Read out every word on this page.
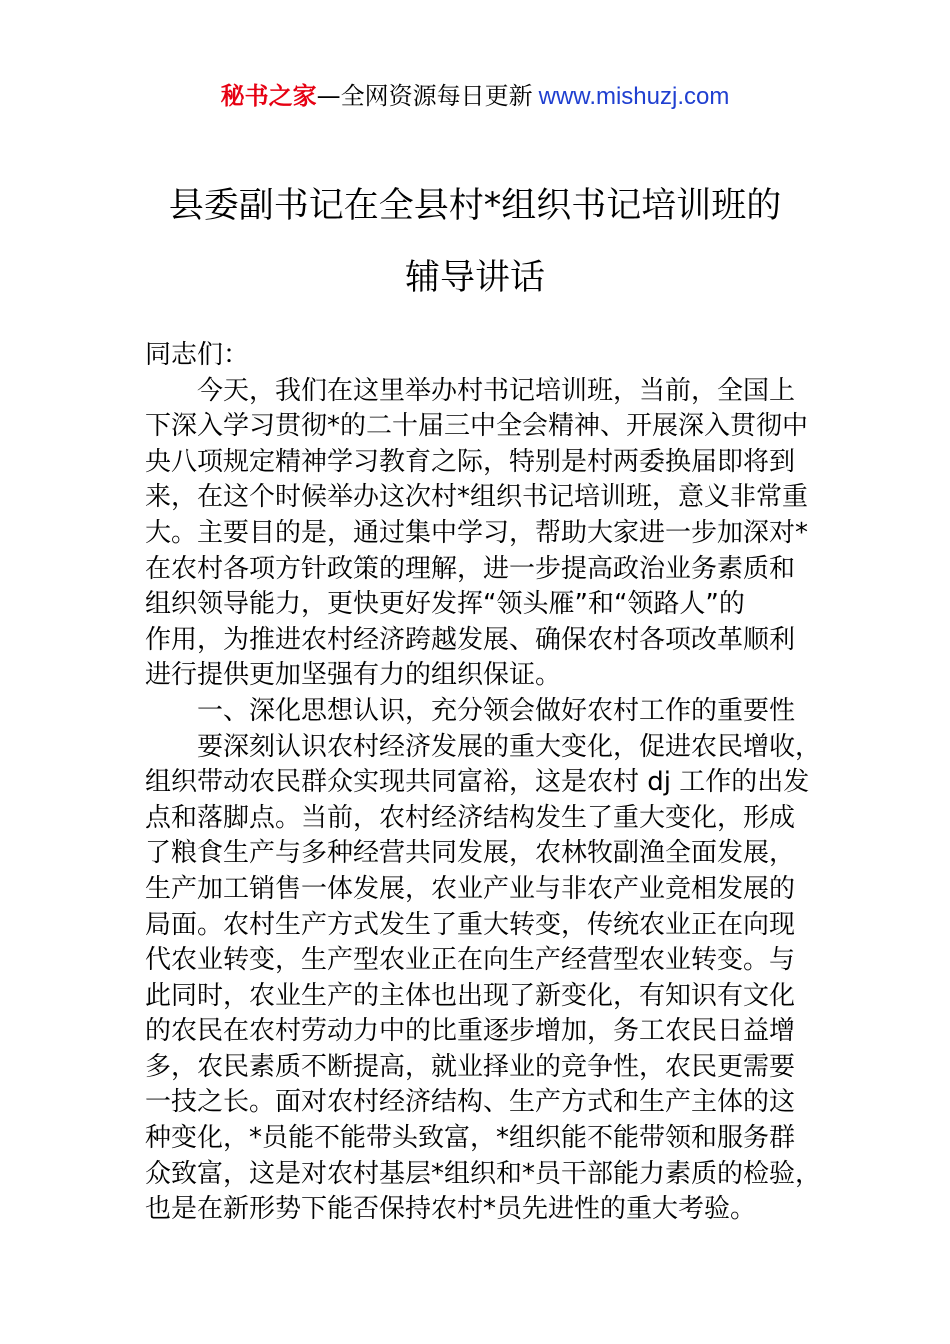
秘书之家—全网资源每日更新 www.mishuzj.com
县委副书记在全县村*组织书记培训班的
辅导讲话
同志们：
　　今天，我们在这里举办村书记培训班，当前，全国上
下深入学习贯彻*的二十届三中全会精神、开展深入贯彻中
央八项规定精神学习教育之际，特别是村两委换届即将到
来，在这个时候举办这次村*组织书记培训班，意义非常重
大。主要目的是，通过集中学习，帮助大家进一步加深对*
在农村各项方针政策的理解，进一步提高政治业务素质和
组织领导能力，更快更好发挥“领头雁”和“领路人”的
作用，为推进农村经济跨越发展、确保农村各项改革顺利
进行提供更加坚强有力的组织保证。
　　一、深化思想认识，充分领会做好农村工作的重要性
　　要深刻认识农村经济发展的重大变化，促进农民增收，
组织带动农民群众实现共同富裕，这是农村 dj 工作的出发
点和落脚点。当前，农村经济结构发生了重大变化，形成
了粮食生产与多种经营共同发展，农林牧副渔全面发展，
生产加工销售一体发展，农业产业与非农产业竞相发展的
局面。农村生产方式发生了重大转变，传统农业正在向现
代农业转变，生产型农业正在向生产经营型农业转变。与
此同时，农业生产的主体也出现了新变化，有知识有文化
的农民在农村劳动力中的比重逐步增加，务工农民日益增
多，农民素质不断提高，就业择业的竞争性，农民更需要
一技之长。面对农村经济结构、生产方式和生产主体的这
种变化，*员能不能带头致富，*组织能不能带领和服务群
众致富，这是对农村基层*组织和*员干部能力素质的检验，
也是在新形势下能否保持农村*员先进性的重大考验。
